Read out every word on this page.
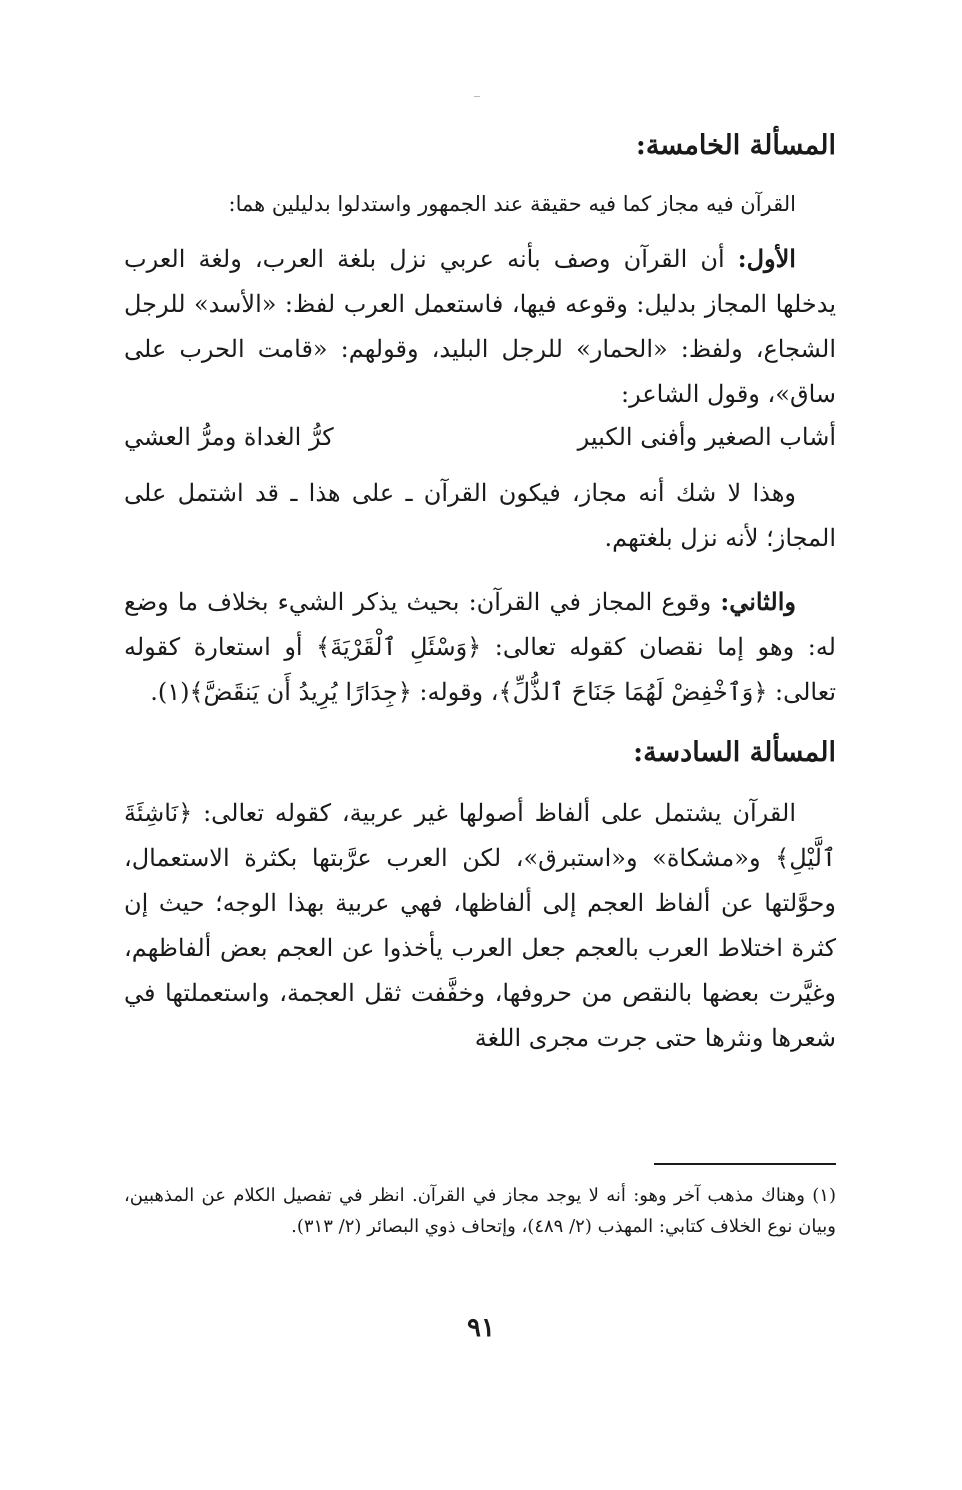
المسألة الخامسة:

القرآن فيه مجاز كما فيه حقيقة عند الجمهور واستدلوا بدليلين هما:

الأول: أن القرآن وصف بأنه عربي نزل بلغة العرب، ولغة العرب يدخلها المجاز بدليل: وقوعه فيها، فاستعمل العرب لفظ: «الأسد» للرجل الشجاع، ولفظ: «الحمار» للرجل البليد، وقولهم: «قامت الحرب على ساق»، وقول الشاعر:

أشاب الصغير وأفنى الكبير
كرُّ الغداة ومرُّ العشي

وهذا لا شك أنه مجاز، فيكون القرآن ـ على هذا ـ قد اشتمل على المجاز؛ لأنه نزل بلغتهم.

والثاني: وقوع المجاز في القرآن: بحيث يذكر الشيء بخلاف ما وضع له: وهو إما نقصان كقوله تعالى: ﴿وَسْئَلِ ٱلْقَرْيَةَ﴾ أو استعارة كقوله تعالى: ﴿وَٱخْفِضْ لَهُمَا جَنَاحَ ٱلذُّلِّ﴾، وقوله: ﴿جِدَارًا يُرِيدُ أَن يَنقَضَّ﴾(١).

المسألة السادسة:

القرآن يشتمل على ألفاظ أصولها غير عربية، كقوله تعالى: ﴿نَاشِئَةَ ٱلَّيْلِ﴾ و«مشكاة» و«استبرق»، لكن العرب عرَّبتها بكثرة الاستعمال، وحوَّلتها عن ألفاظ العجم إلى ألفاظها، فهي عربية بهذا الوجه؛ حيث إن كثرة اختلاط العرب بالعجم جعل العرب يأخذوا عن العجم بعض ألفاظهم، وغيَّرت بعضها بالنقص من حروفها، وخفَّفت ثقل العجمة، واستعملتها في شعرها ونثرها حتى جرت مجرى اللغة

(١) وهناك مذهب آخر وهو: أنه لا يوجد مجاز في القرآن. انظر في تفصيل الكلام عن المذهبين، وبيان نوع الخلاف كتابي: المهذب (٢/ ٤٨٩)، وإتحاف ذوي البصائر (٢/ ٣١٣).

٩١
